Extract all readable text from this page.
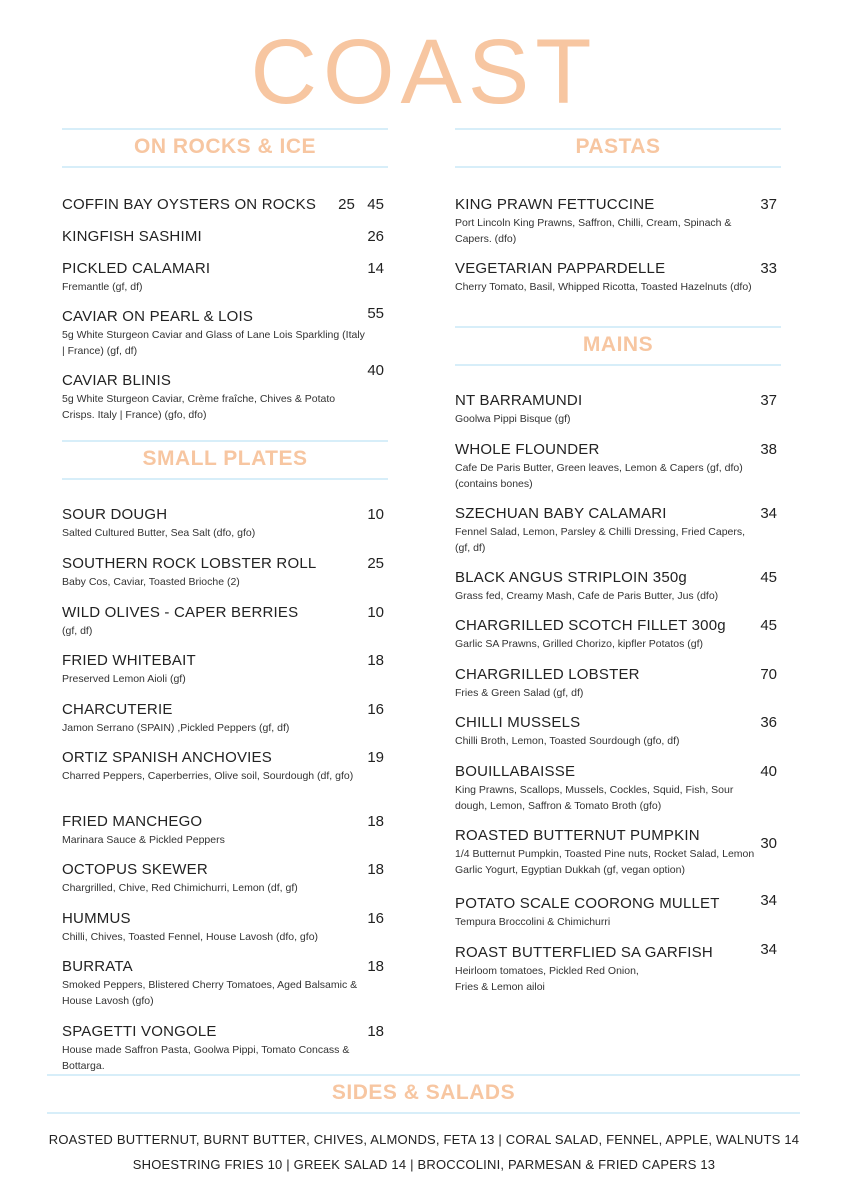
COAST
ON ROCKS & ICE
COFFIN BAY OYSTERS ON ROCKS	25   45
KINGFISH SASHIMI	26
PICKLED CALAMARI
Fremantle (gf, df)
14
CAVIAR ON PEARL & LOIS
5g White Sturgeon Caviar and Glass of Lane Lois Sparkling (Italy | France) (gf, df)
55
CAVIAR BLINIS
5g White Sturgeon Caviar, Crème fraîche, Chives & Potato Crisps. Italy | France) (gfo, dfo)
40
SMALL PLATES
SOUR DOUGH
Salted Cultured Butter, Sea Salt (dfo, gfo)
10
SOUTHERN ROCK LOBSTER ROLL
Baby Cos, Caviar, Toasted Brioche (2)
25
WILD OLIVES - CAPER BERRIES
(gf, df)
10
FRIED WHITEBAIT
Preserved Lemon Aioli (gf)
18
CHARCUTERIE
Jamon Serrano (SPAIN) ,Pickled Peppers (gf, df)
16
ORTIZ SPANISH ANCHOVIES
Charred Peppers, Caperberries, Olive soil, Sourdough (df, gfo)
19
FRIED MANCHEGO
Marinara Sauce & Pickled Peppers
18
OCTOPUS SKEWER
Chargrilled, Chive, Red Chimichurri, Lemon (df, gf)
18
HUMMUS
Chilli, Chives, Toasted Fennel, House Lavosh (dfo, gfo)
16
BURRATA
Smoked Peppers, Blistered Cherry Tomatoes, Aged Balsamic & House Lavosh (gfo)
18
SPAGETTI VONGOLE
House made Saffron Pasta, Goolwa Pippi, Tomato Concass & Bottarga.
18
PASTAS
KING PRAWN FETTUCCINE
Port Lincoln King Prawns, Saffron, Chilli, Cream, Spinach & Capers. (dfo)
37
VEGETARIAN PAPPARDELLE
Cherry Tomato, Basil, Whipped Ricotta, Toasted Hazelnuts (dfo)
33
MAINS
NT BARRAMUNDI
Goolwa Pippi Bisque (gf)
37
WHOLE FLOUNDER
Cafe De Paris Butter, Green leaves, Lemon & Capers (gf, dfo) (contains bones)
38
SZECHUAN BABY CALAMARI
Fennel Salad, Lemon, Parsley & Chilli Dressing, Fried Capers, (gf, df)
34
BLACK ANGUS STRIPLOIN 350g
Grass fed, Creamy Mash, Cafe de Paris Butter, Jus (dfo)
45
CHARGRILLED SCOTCH FILLET 300g
Garlic SA Prawns, Grilled Chorizo, kipfler Potatos (gf)
45
CHARGRILLED LOBSTER
Fries & Green Salad (gf, df)
70
CHILLI MUSSELS
Chilli Broth, Lemon, Toasted Sourdough (gfo, df)
36
BOUILLABAISSE
King Prawns, Scallops, Mussels, Cockles, Squid, Fish, Sour dough, Lemon, Saffron & Tomato Broth (gfo)
40
ROASTED BUTTERNUT PUMPKIN
1/4 Butternut Pumpkin, Toasted Pine nuts, Rocket Salad, Lemon Garlic Yogurt, Egyptian Dukkah (gf, vegan option)
30
POTATO SCALE COORONG MULLET
Tempura Broccolini & Chimichurri
34
ROAST BUTTERFLIED SA GARFISH
Heirloom tomatoes, Pickled Red Onion, Fries & Lemon ailoi
34
SIDES & SALADS
ROASTED BUTTERNUT, BURNT BUTTER, CHIVES, ALMONDS, FETA 13 | CORAL SALAD, FENNEL, APPLE, WALNUTS 14
SHOESTRING FRIES 10 | GREEK SALAD 14 | BROCCOLINI, PARMESAN & FRIED CAPERS 13
